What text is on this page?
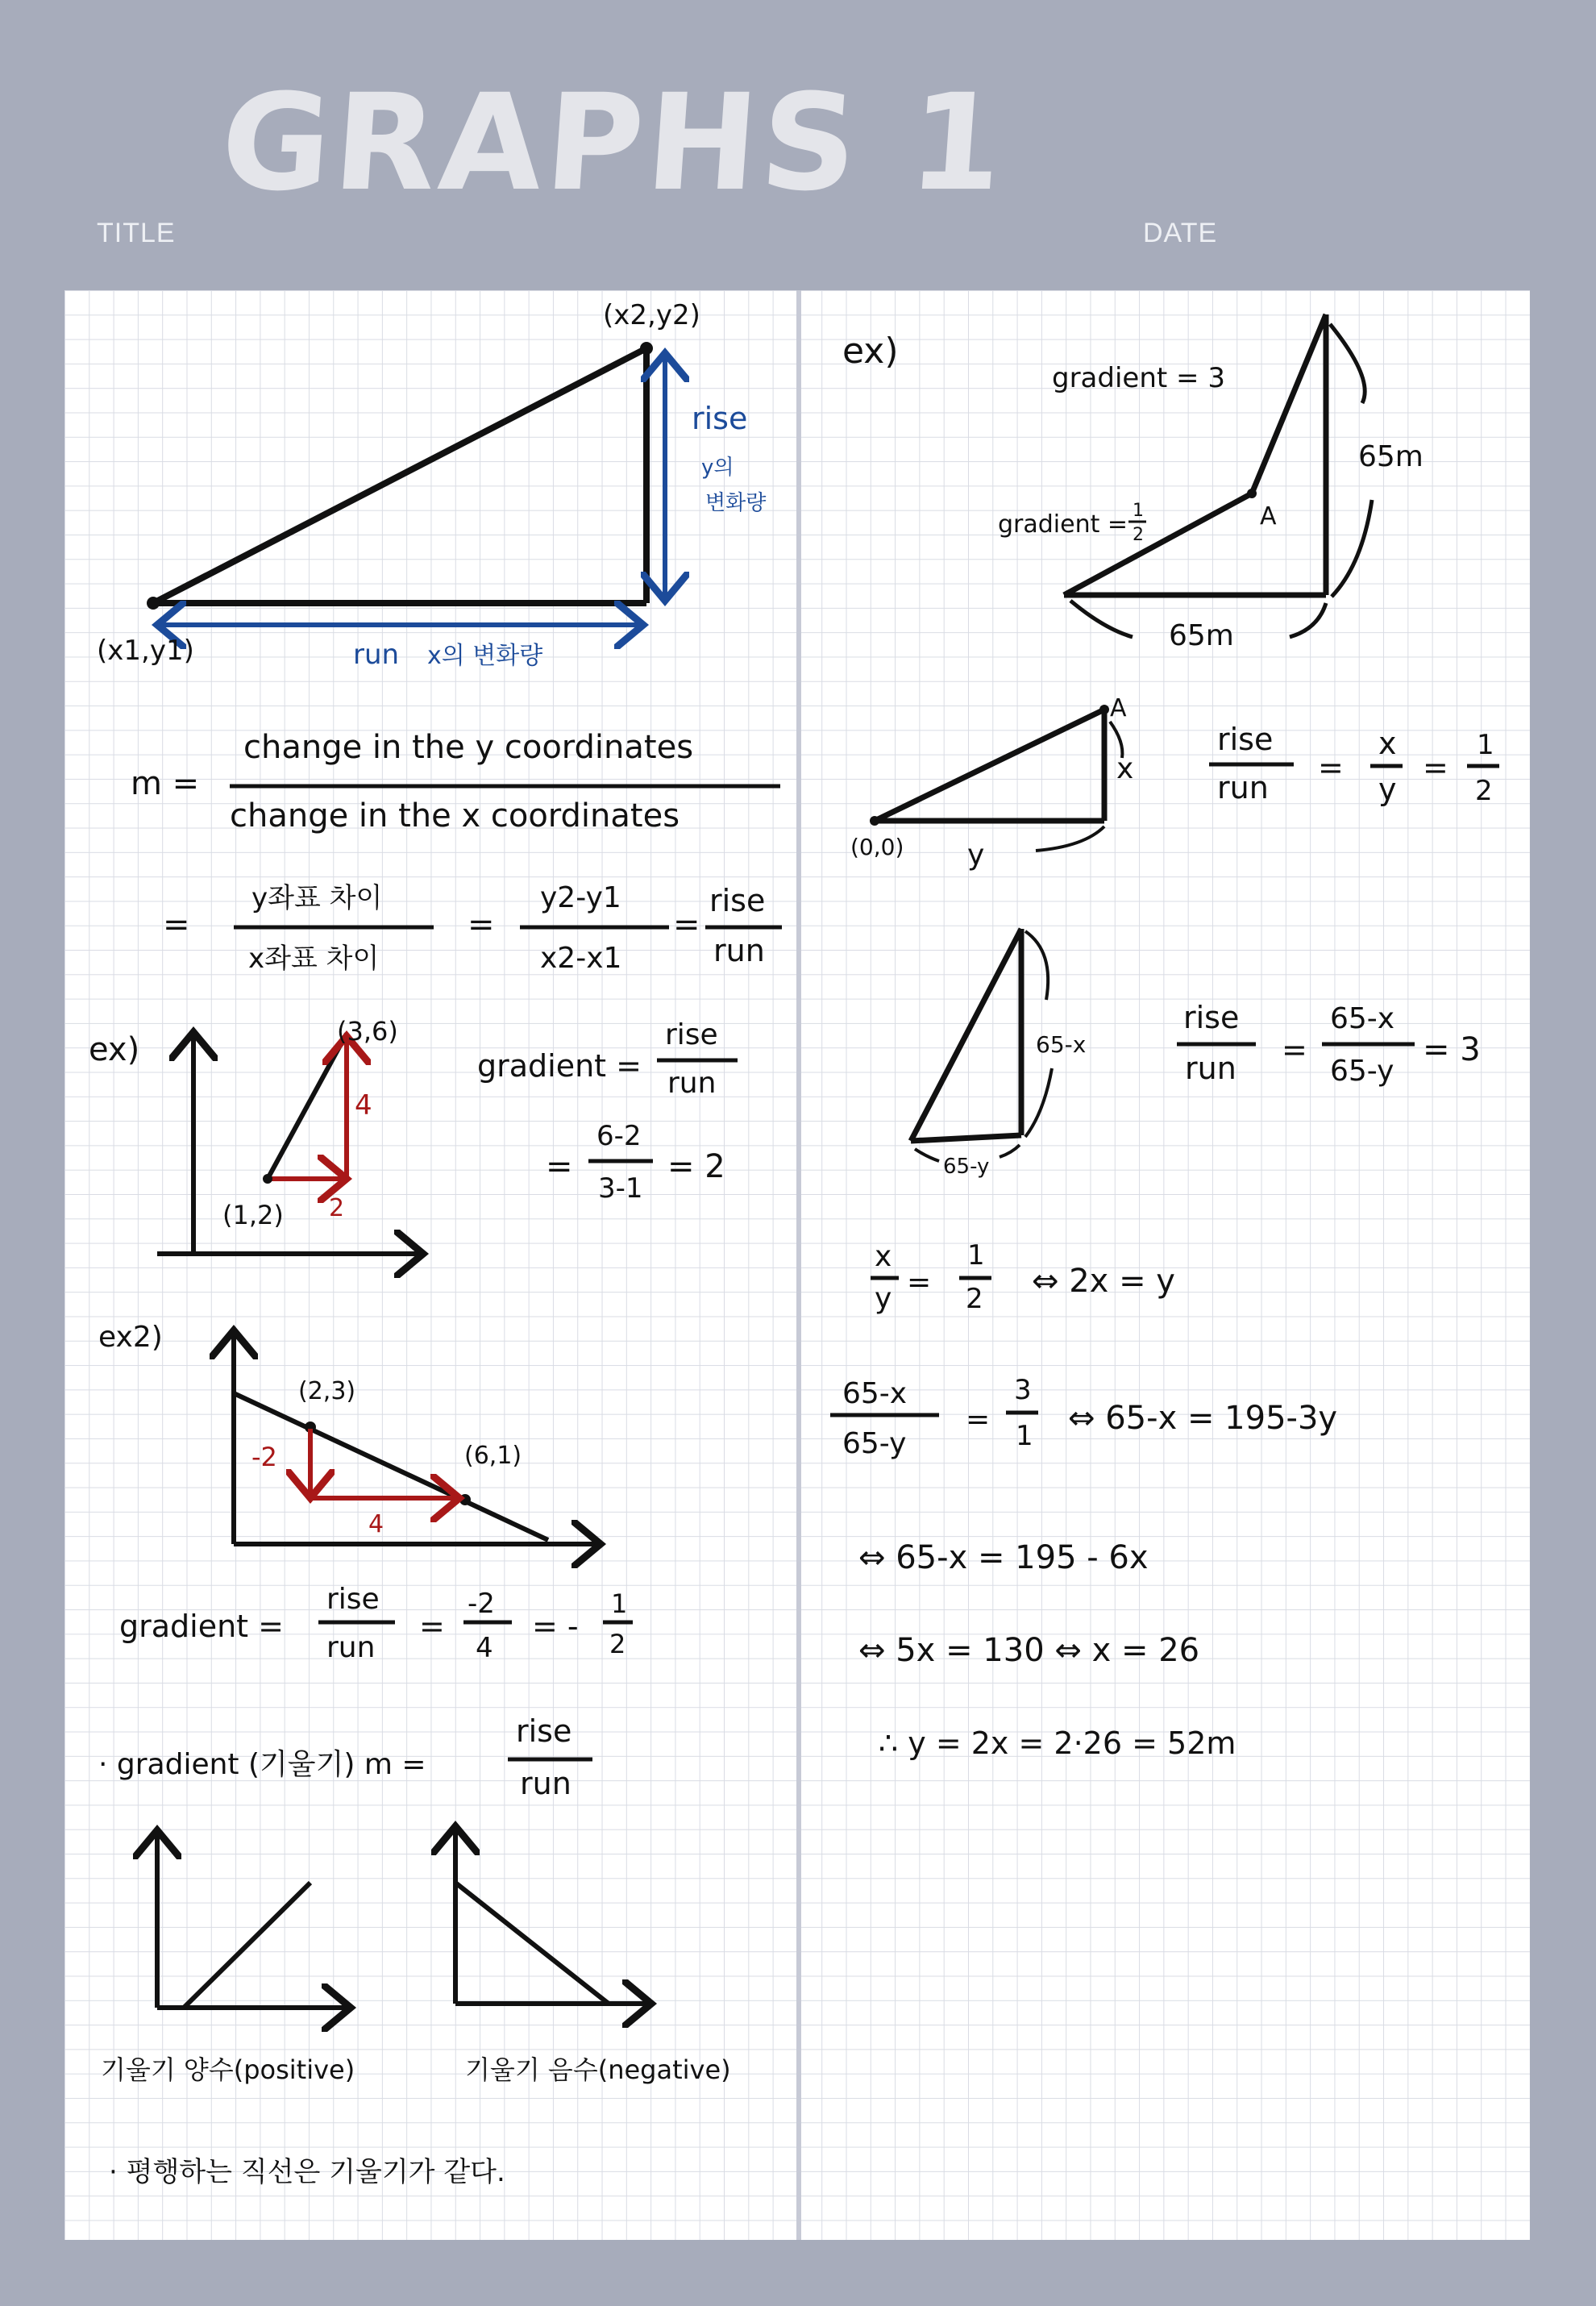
GRAPHS 1
TITLE	DATE
(x2,y2)
(x1,y1)
rise
y의
변화량
run x의 변화량
m =
change in the y coordinates
change in the x coordinates
=
y좌표 차이
x좌표 차이
=
y2-y1
x2-x1
=
rise
run
ex)	(3,6)
(1,2)
4
2
gradient =
rise
run
=
6-2
3-1
= 2
ex2)
(2,3)
(6,1)
-2
4
gradient =
rise
run
=
-2
4
= -
1
2
· gradient (기울기) m =
rise
run
기울기 양수(positive)	기울기 음수(negative)
· 평행하는 직선은 기울기가 같다.
ex)
gradient = 3
gradient = 1
2
A
65m
65m
A
(0,0)
x
y
rise
run
=
x
y
=
1
2
65-x
65-y
rise
run
=
65-x
65-y
= 3
x
y =
1
2 ⇔ 2x = y
65-x
65-y
=
3
1 ⇔ 65-x = 195-3y
⇔ 65-x = 195 - 6x
⇔ 5x = 130 ⇔ x = 26
∴ y = 2x = 2·26 = 52m
